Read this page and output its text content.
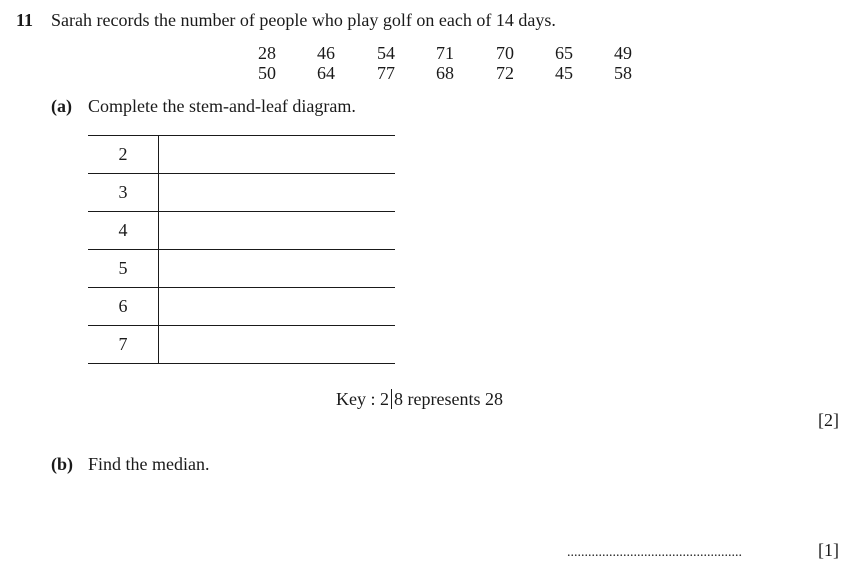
11 Sarah records the number of people who play golf on each of 14 days.
28	46	54	71	70	65	49
50	64	77	68	72	45	58
(a) Complete the stem-and-leaf diagram.
2	
3	
4	
5	
6	
7	
Key : 2 8 represents 28
[2]
(b) Find the median.
..................................................	[1]
